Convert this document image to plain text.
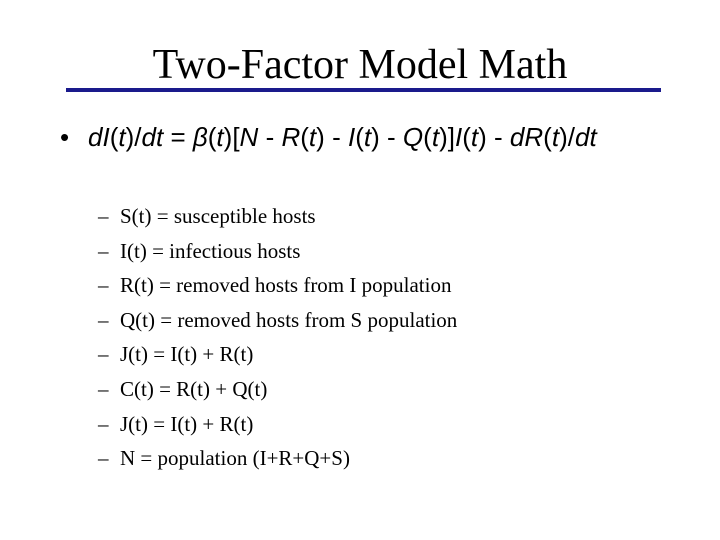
Two-Factor Model Math
• dI(t)/dt = β(t)[N - R(t) - I(t) - Q(t)]I(t) - dR(t)/dt
– S(t) = susceptible hosts
– I(t) = infectious hosts
– R(t) = removed hosts from I population
– Q(t) = removed hosts from S population
– J(t) = I(t) + R(t)
– C(t) = R(t) + Q(t)
– J(t) = I(t) + R(t)
– N = population (I+R+Q+S)
